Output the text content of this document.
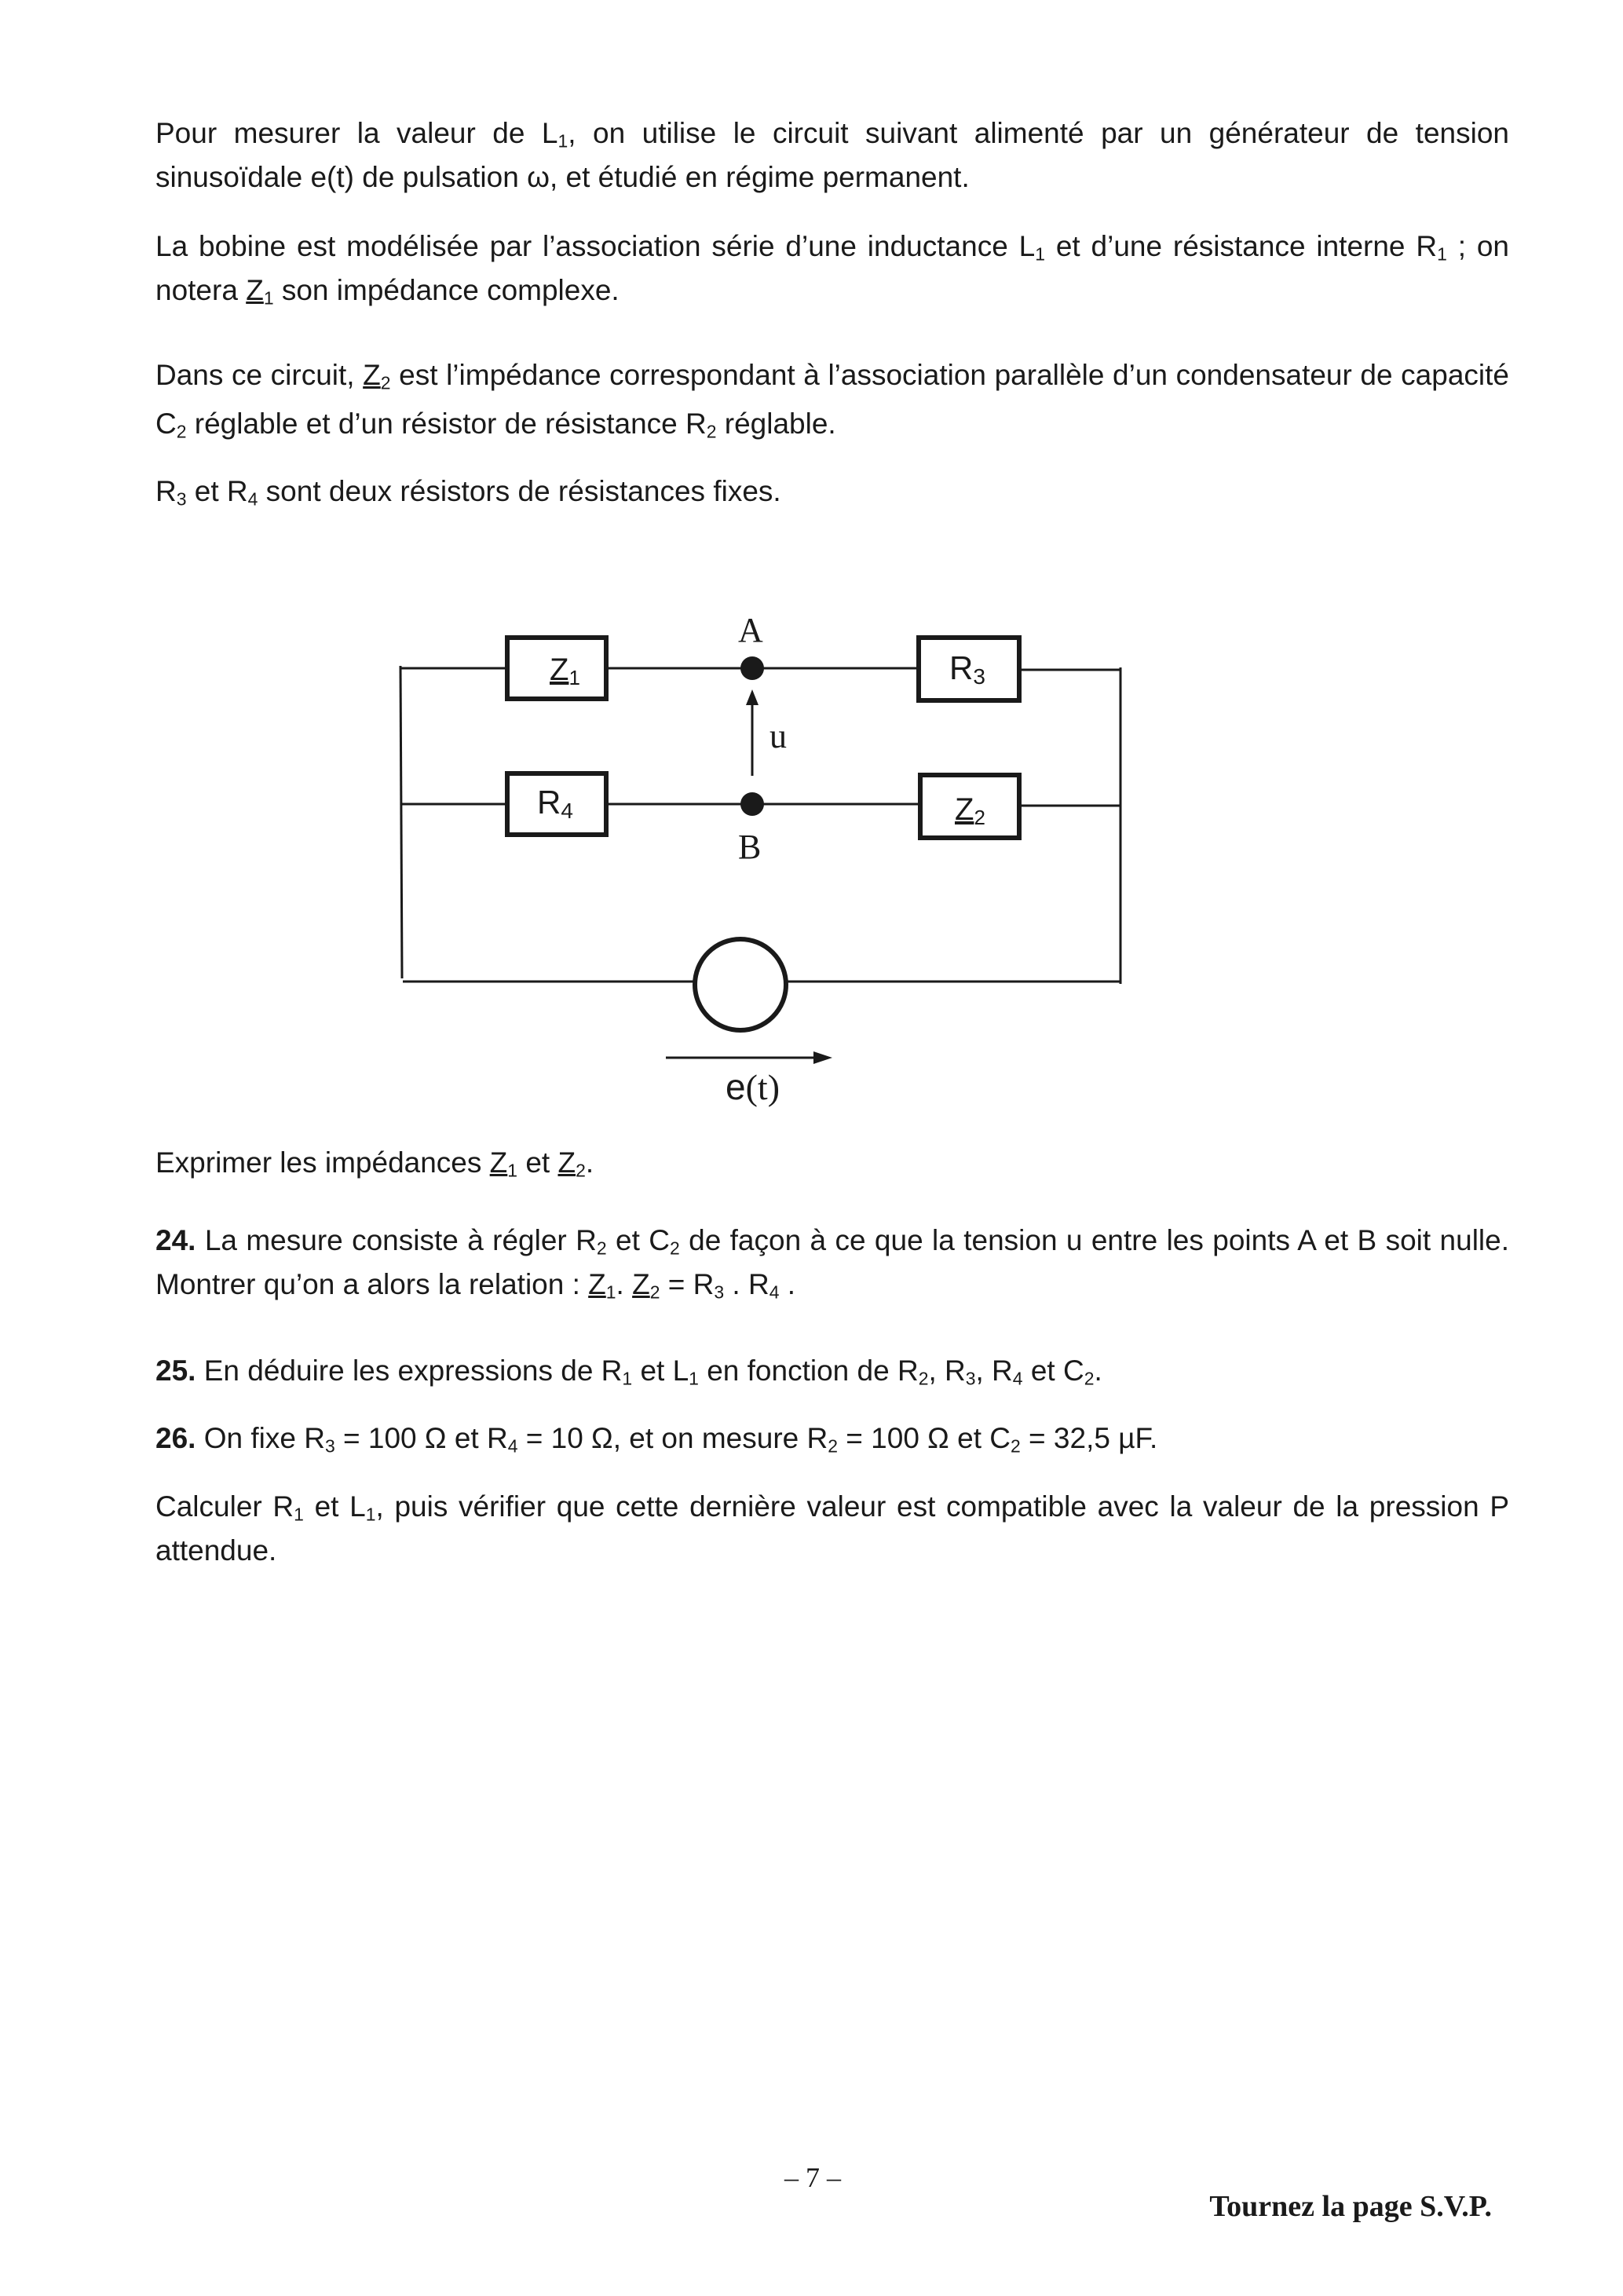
Pour mesurer la valeur de $L_1$, on utilise le circuit suivant alimenté par un générateur de tension sinusoïdale e(t) de pulsation ω, et étudié en régime permanent.

La bobine est modélisée par l’association série d’une inductance $L_1$ et d’une résistance interne $R_1$ ; on notera $Z_1$ son impédance complexe.

Dans ce circuit, $Z_2$ est l’impédance correspondant à l’association parallèle d’un condensateur de capacité $C_2$ réglable et d’un résistor de résistance $R_2$ réglable.

$R_3$ et $R_4$ sont deux résistors de résistances fixes.

Z1	R3
R4	Z2
A
B
u
e(t)

Exprimer les impédances $Z_1$ et $Z_2$.

24. La mesure consiste à régler $R_2$ et $C_2$ de façon à ce que la tension u entre les points A et B soit nulle. Montrer qu’on a alors la relation : $Z_1$. $Z_2 = R_3$ . $R_4$ .

25. En déduire les expressions de $R_1$ et $L_1$ en fonction de $R_2$, $R_3$, $R_4$ et $C_2$.

26. On fixe $R_3 = 100$ Ω et $R_4 = 10$ Ω, et on mesure $R_2 = 100$ Ω et $C_2 = 32,5$ µF.

Calculer $R_1$ et $L_1$, puis vérifier que cette dernière valeur est compatible avec la valeur de la pression P attendue.

– 7 –
Tournez la page S.V.P.
